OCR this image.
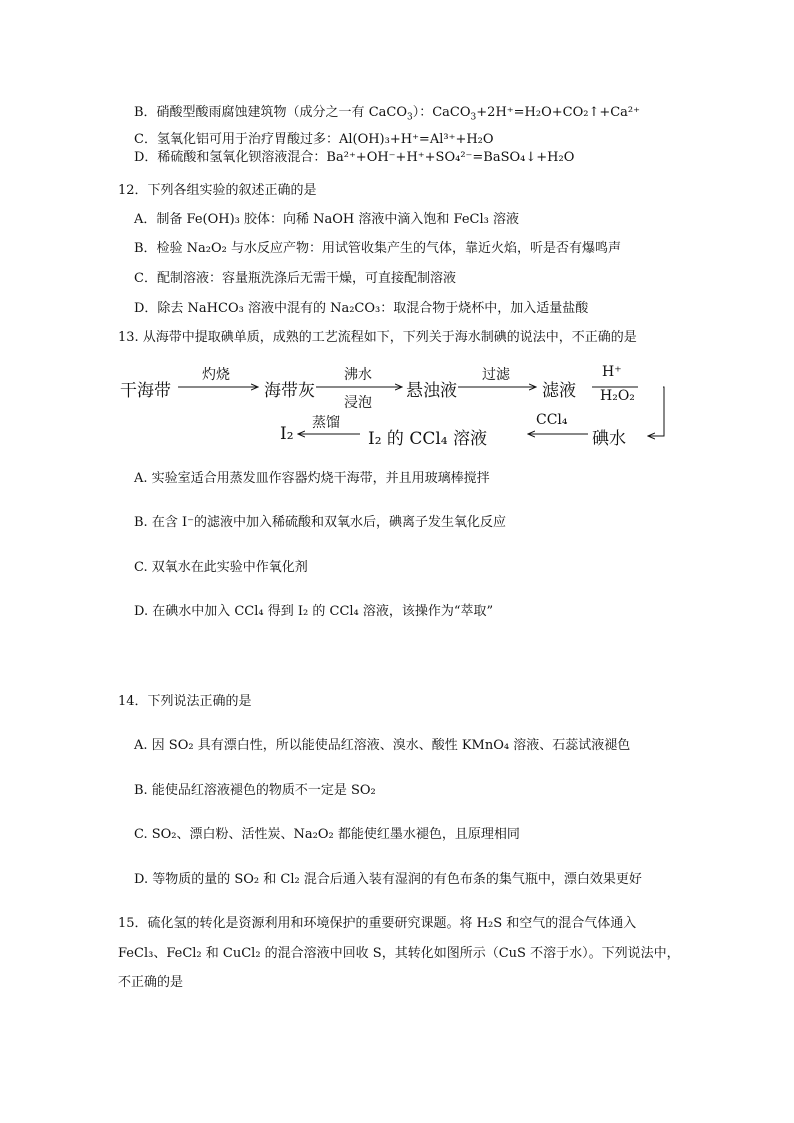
B．硝酸型酸雨腐蚀建筑物（成分之一有 CaCO$_3$）：CaCO$_3$+2H⁺=H₂O+CO₂↑+Ca²⁺
C．氢氧化铝可用于治疗胃酸过多：Al(OH)₃+H⁺=Al³⁺+H₂O
D．稀硫酸和氢氧化钡溶液混合：Ba²⁺+OH⁻+H⁺+SO₄²⁻=BaSO₄↓+H₂O
12．下列各组实验的叙述正确的是
A．制备 Fe(OH)₃ 胶体：向稀 NaOH 溶液中滴入饱和 FeCl₃ 溶液
B．检验 Na₂O₂ 与水反应产物：用试管收集产生的气体，靠近火焰，听是否有爆鸣声
C．配制溶液：容量瓶洗涤后无需干燥，可直接配制溶液
D．除去 NaHCO₃ 溶液中混有的 Na₂CO₃：取混合物于烧杯中，加入适量盐酸
13. 从海带中提取碘单质，成熟的工艺流程如下，下列关于海水制碘的说法中，不正确的是
干海带
灼烧
海带灰
沸水
浸泡
悬浊液
过滤
滤液
H⁺
H₂O₂
碘水
CCl₄
I₂ 的 CCl₄ 溶液
蒸馏
I₂
A. 实验室适合用蒸发皿作容器灼烧干海带，并且用玻璃棒搅拌
B. 在含 I⁻的滤液中加入稀硫酸和双氧水后，碘离子发生氧化反应
C. 双氧水在此实验中作氧化剂
D. 在碘水中加入 CCl₄ 得到 I₂ 的 CCl₄ 溶液，该操作为“萃取”
14．下列说法正确的是
A. 因 SO₂ 具有漂白性，所以能使品红溶液、溴水、酸性 KMnO₄ 溶液、石蕊试液褪色
B. 能使品红溶液褪色的物质不一定是 SO₂
C. SO₂、漂白粉、活性炭、Na₂O₂ 都能使红墨水褪色，且原理相同
D. 等物质的量的 SO₂ 和 Cl₂ 混合后通入装有湿润的有色布条的集气瓶中，漂白效果更好
15．硫化氢的转化是资源利用和环境保护的重要研究课题。将 H₂S 和空气的混合气体通入
FeCl₃、FeCl₂ 和 CuCl₂ 的混合溶液中回收 S，其转化如图所示（CuS 不溶于水）。下列说法中，
不正确的是
